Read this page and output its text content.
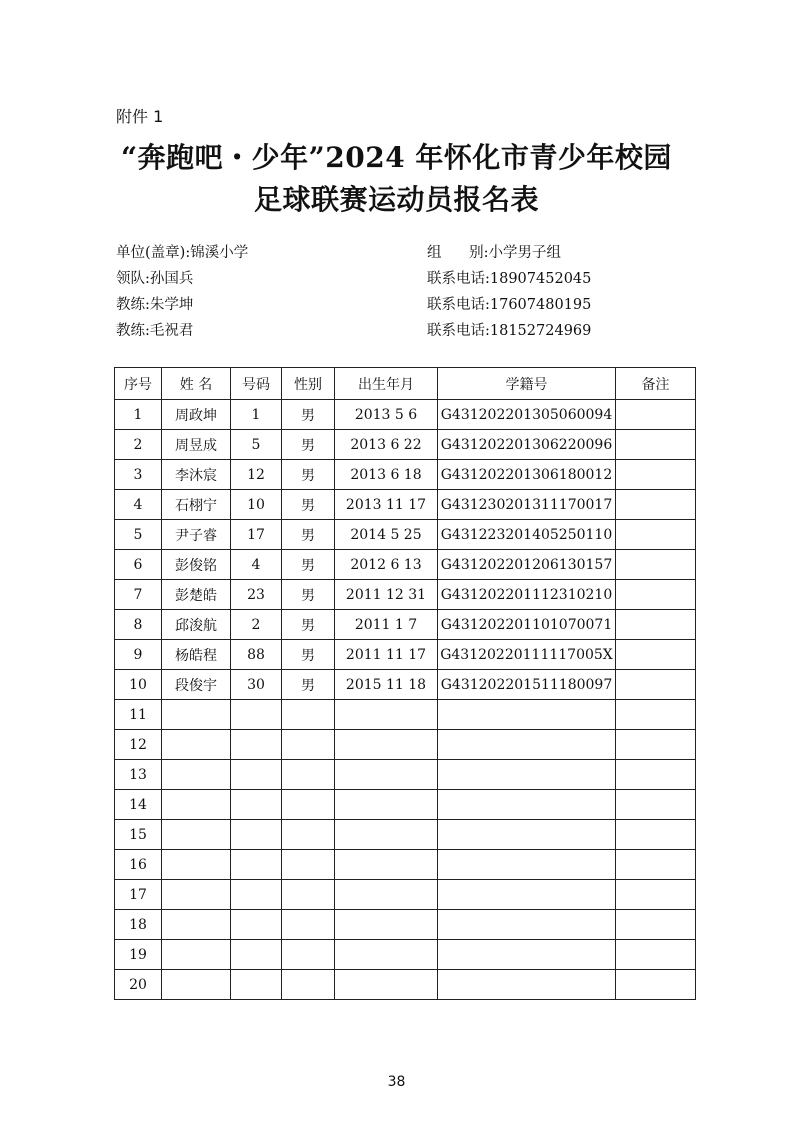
附件 1
“奔跑吧・少年”2024 年怀化市青少年校园
足球联赛运动员报名表
单位(盖章):锦溪小学
领队:孙国兵
教练:朱学坤
教练:毛祝君
组      别:小学男子组
联系电话:18907452045
联系电话:17607480195
联系电话:18152724969
序号	姓 名	号码	性别	出生年月	学籍号	备注
1	周政坤	1	男	2013 5 6	G431202201305060094	
2	周昱成	5	男	2013 6 22	G431202201306220096	
3	李沐宸	12	男	2013 6 18	G431202201306180012	
4	石栩宁	10	男	2013 11 17	G431230201311170017	
5	尹子睿	17	男	2014 5 25	G431223201405250110	
6	彭俊铭	4	男	2012 6 13	G431202201206130157	
7	彭楚皓	23	男	2011 12 31	G431202201112310210	
8	邱浚航	2	男	2011 1 7	G431202201101070071	
9	杨皓程	88	男	2011 11 17	G43120220111117005X	
10	段俊宇	30	男	2015 11 18	G431202201511180097	
11						
12						
13						
14						
15						
16						
17						
18						
19						
20						
38
